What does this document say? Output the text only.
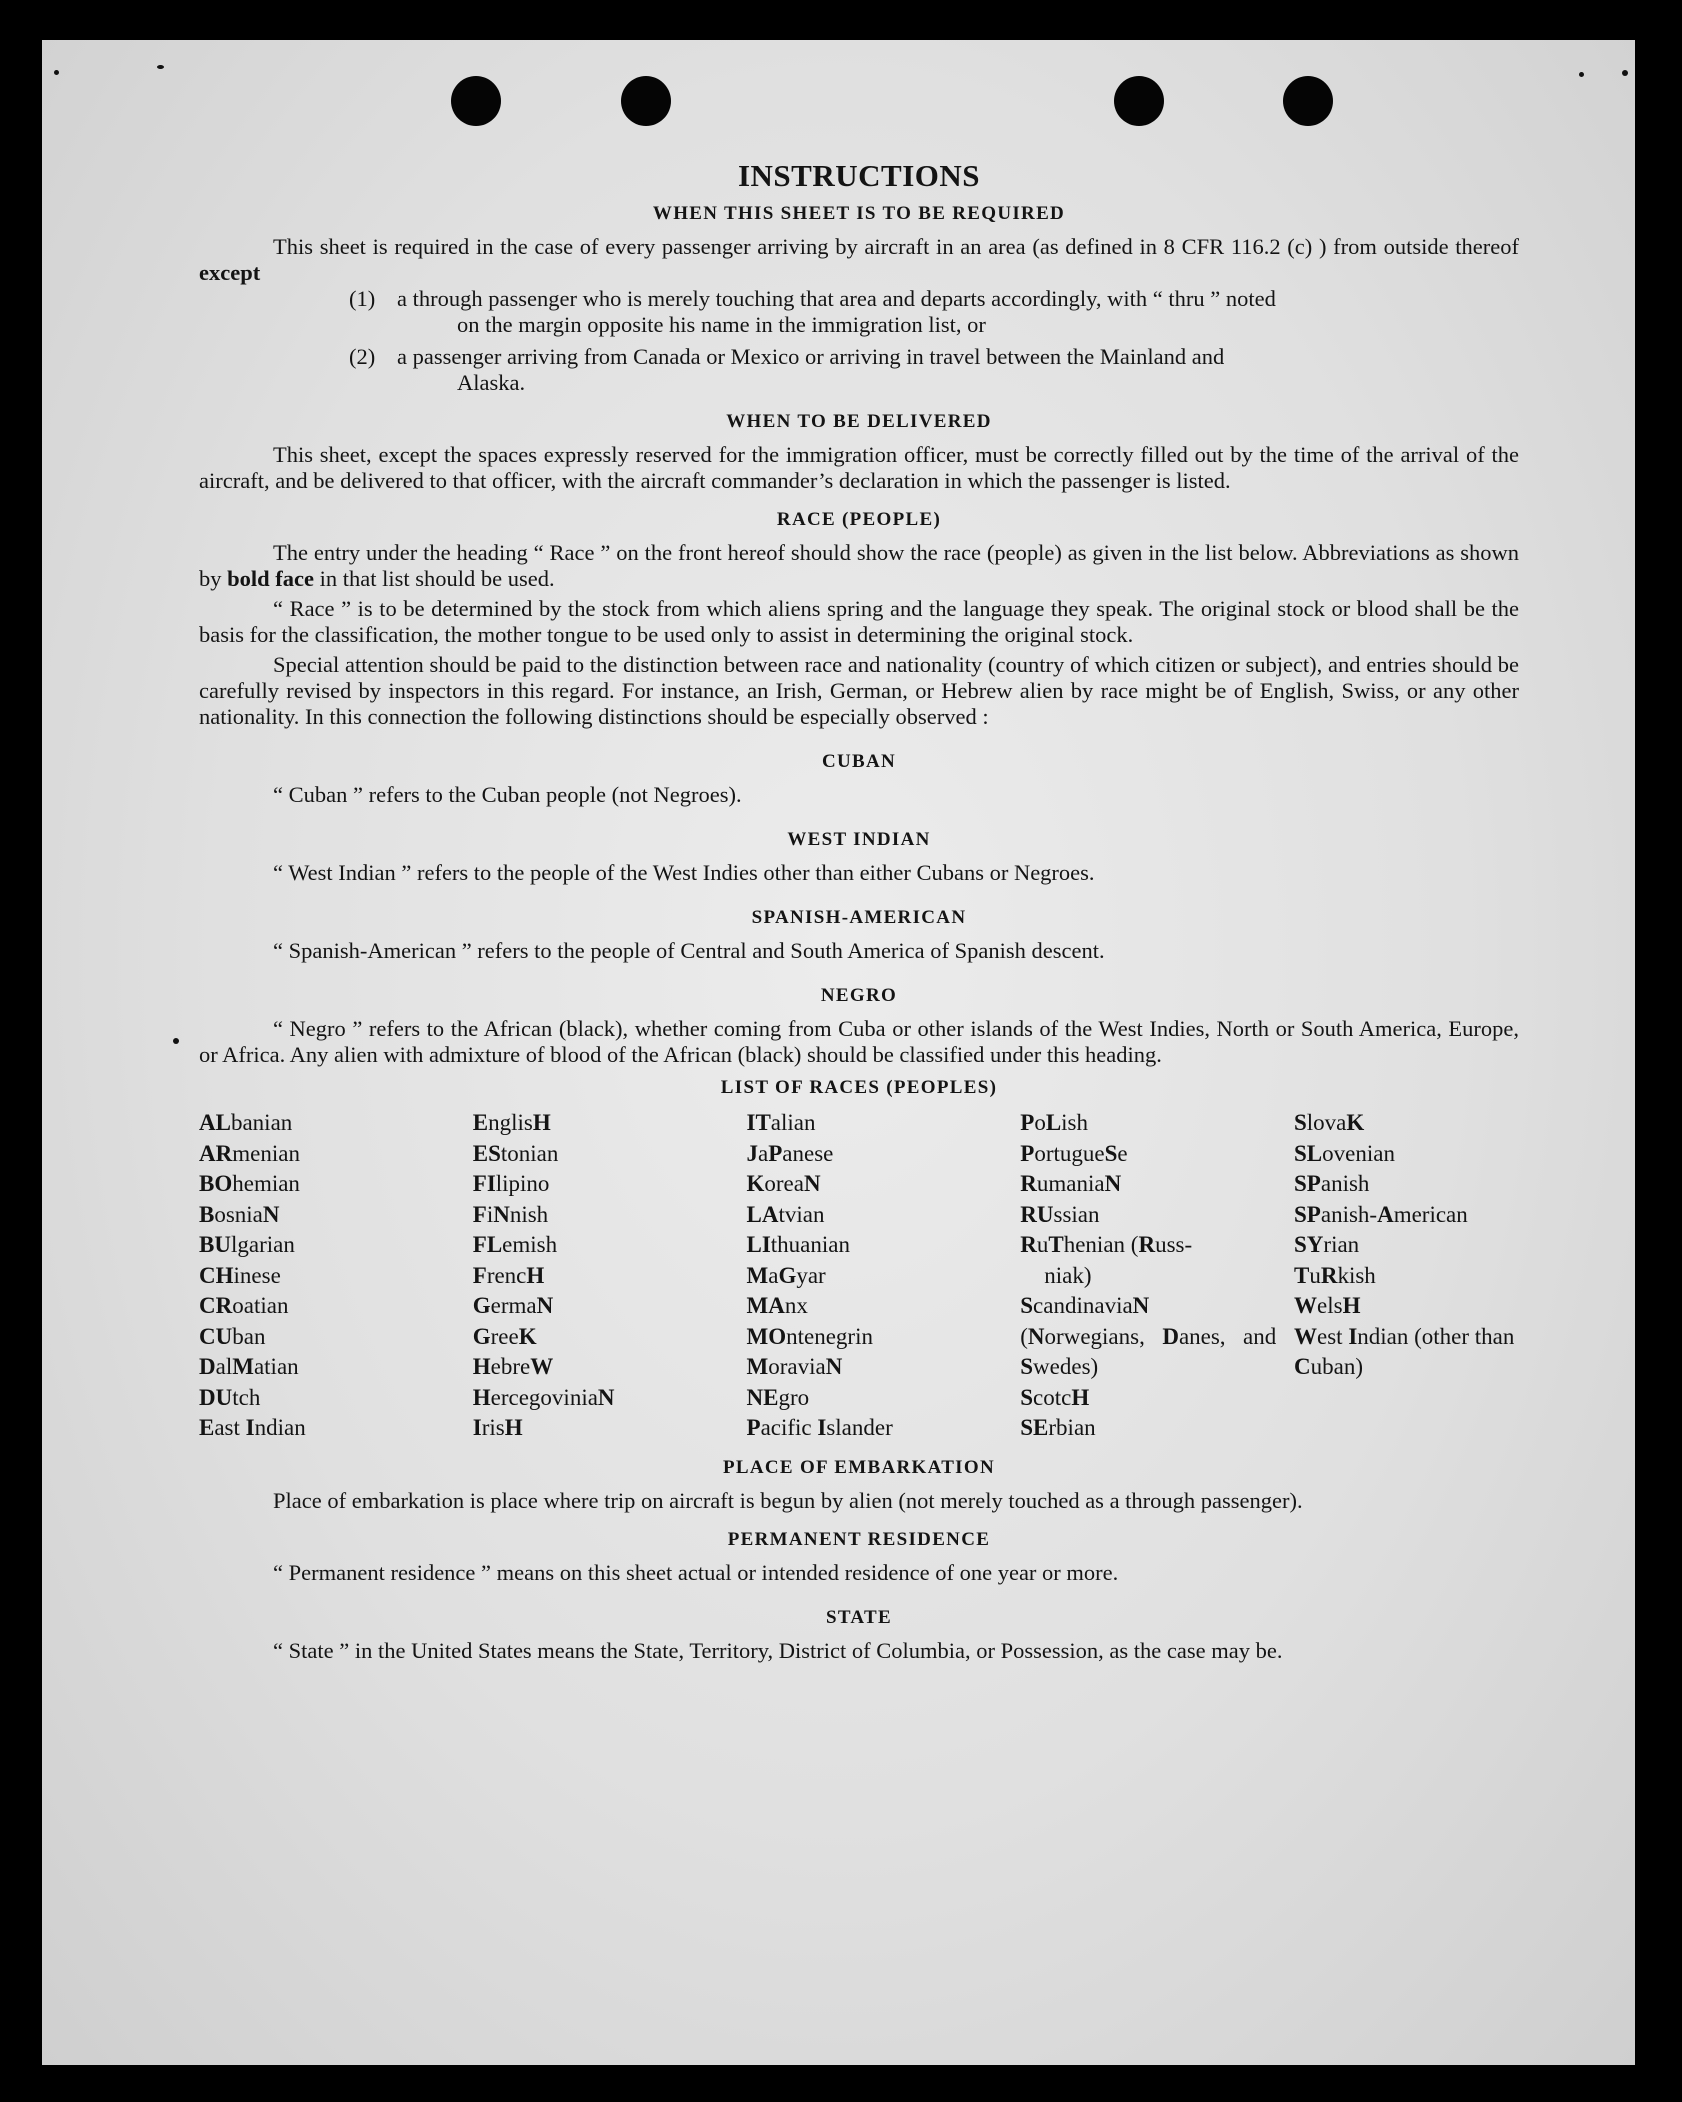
INSTRUCTIONS
WHEN THIS SHEET IS TO BE REQUIRED

This sheet is required in the case of every passenger arriving by aircraft in an area (as defined in 8 CFR 116.2 (c) ) from outside thereof except

(1) a through passenger who is merely touching that area and departs accordingly, with “ thru ” noted
on the margin opposite his name in the immigration list, or
(2) a passenger arriving from Canada or Mexico or arriving in travel between the Mainland and
Alaska.
WHEN TO BE DELIVERED

This sheet, except the spaces expressly reserved for the immigration officer, must be correctly filled out by the time of the arrival of the aircraft, and be delivered to that officer, with the aircraft commander’s declaration in which the passenger is listed.

RACE (PEOPLE)

The entry under the heading “ Race ” on the front hereof should show the race (people) as given in the list below. Abbreviations as shown by bold face in that list should be used.

“ Race ” is to be determined by the stock from which aliens spring and the language they speak. The original stock or blood shall be the basis for the classification, the mother tongue to be used only to assist in determining the original stock.

Special attention should be paid to the distinction between race and nationality (country of which citizen or subject), and entries should be carefully revised by inspectors in this regard. For instance, an Irish, German, or Hebrew alien by race might be of English, Swiss, or any other nationality. In this connection the following distinctions should be especially observed :

CUBAN

“ Cuban ” refers to the Cuban people (not Negroes).

WEST INDIAN

“ West Indian ” refers to the people of the West Indies other than either Cubans or Negroes.

SPANISH-AMERICAN

“ Spanish-American ” refers to the people of Central and South America of Spanish descent.

NEGRO

“ Negro ” refers to the African (black), whether coming from Cuba or other islands of the West Indies, North or South America, Europe, or Africa. Any alien with admixture of blood of the African (black) should be classified under this heading.

LIST OF RACES (PEOPLES)
ALbanian
ARmenian
BOhemian
BosniaN
BUlgarian
CHinese
CRoatian
CUban
DalMatian
DUtch
East Indian
EnglisH
EStonian
FIlipino
FiNnish
FLemish
FrencH
GermaN
GreeK
HebreW
HercegoviniaN
IrisH
ITalian
JaPanese
KoreaN
LAtvian
LIthuanian
MaGyar
MAnx
MOntenegrin
MoraviaN
NEgro
Pacific Islander
PoLish
PortugueSe
RumaniaN
RUssian
RuThenian (Russ-
niak)
ScandinaviaN (Norwegians, Danes, and Swedes)
ScotcH
SErbian
SlovaK
SLovenian
SPanish
SPanish-American
SYrian
TuRkish
WelsH
West Indian (other than Cuban)
PLACE OF EMBARKATION

Place of embarkation is place where trip on aircraft is begun by alien (not merely touched as a through passenger).

PERMANENT RESIDENCE

“ Permanent residence ” means on this sheet actual or intended residence of one year or more.

STATE

“ State ” in the United States means the State, Territory, District of Columbia, or Possession, as the case may be.
